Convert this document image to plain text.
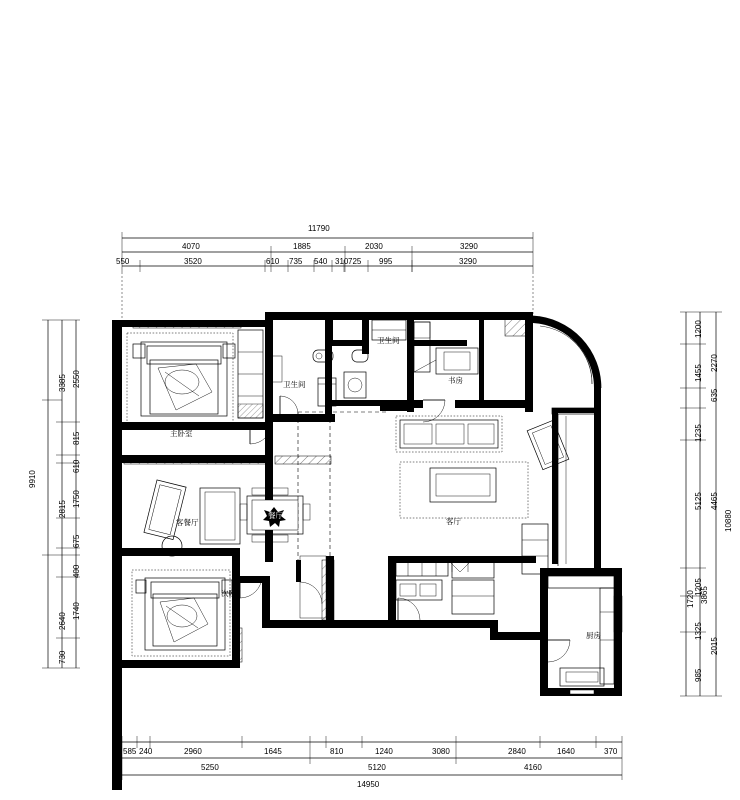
11790
4070	1885	2030	3290
550	3520	610 735 540 310 725 995	3290
585 240	2960	1645	810	1240	3080	2840	1640	370
5250	5120	4160
14950
9910
3385
2815
2640
2550
815
610
1750
675
400
1740
730
1200
1455
1235
5125
1205
1325
985
2270
635
4465
3865
2015
10880
1720
主卧室
卫生间
卫生间
书房
客餐厅
餐厅
客厅
次卧
厨房
